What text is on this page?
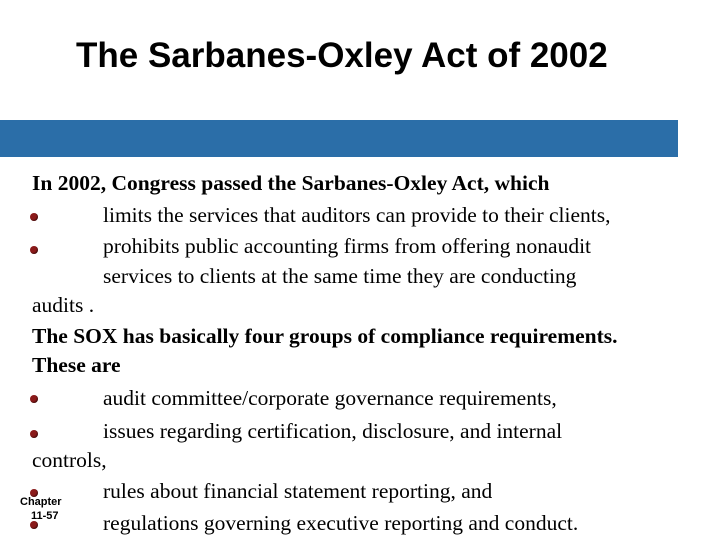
The Sarbanes-Oxley Act of 2002
In 2002, Congress passed the Sarbanes-Oxley Act, which
limits the services that auditors can provide to their clients,
prohibits public accounting firms from offering nonaudit
services to clients at the same time they are conducting
audits .
The SOX has basically four groups of compliance requirements.
These are
audit committee/corporate governance requirements,
issues regarding certification, disclosure, and internal
controls,
rules about financial statement reporting, and
regulations governing executive reporting and conduct.
Chapter
11-57
